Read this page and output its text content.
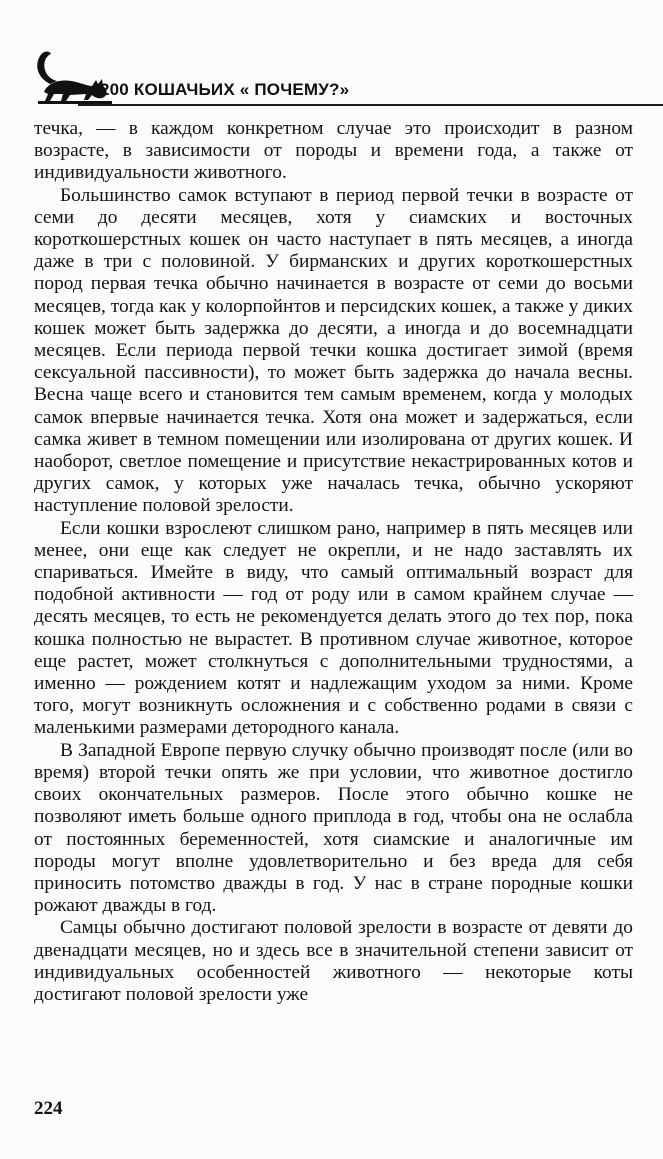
200 КОШАЧЬИХ « ПОЧЕМУ?»

течка, — в каждом конкретном случае это происходит в разном возрасте, в зависимости от породы и времени года, а также от индивидуальности животного.

Большинство самок вступают в период первой течки в возрасте от семи до десяти месяцев, хотя у сиамских и восточных короткошерстных кошек он часто наступает в пять месяцев, а иногда даже в три с половиной. У бирманских и других короткошерстных пород первая течка обычно начинается в возрасте от семи до восьми месяцев, тогда как у колорпойнтов и персидских кошек, а также у диких кошек может быть задержка до десяти, а иногда и до восемнадцати месяцев. Если периода первой течки кошка достигает зимой (время сексуальной пассивности), то может быть задержка до начала весны. Весна чаще всего и становится тем самым временем, когда у молодых самок впервые начинается течка. Хотя она может и задержаться, если самка живет в темном помещении или изолирована от других кошек. И наоборот, светлое помещение и присутствие некастрированных котов и других самок, у которых уже началась течка, обычно ускоряют наступление половой зрелости.

Если кошки взрослеют слишком рано, например в пять месяцев или менее, они еще как следует не окрепли, и не надо заставлять их спариваться. Имейте в виду, что самый оптимальный возраст для подобной активности — год от роду или в самом крайнем случае — десять месяцев, то есть не рекомендуется делать этого до тех пор, пока кошка полностью не вырастет. В противном случае животное, которое еще растет, может столкнуться с дополнительными трудностями, а именно — рождением котят и надлежащим уходом за ними. Кроме того, могут возникнуть осложнения и с собственно родами в связи с маленькими размерами детородного канала.

В Западной Европе первую случку обычно производят после (или во время) второй течки опять же при условии, что животное достигло своих окончательных размеров. После этого обычно кошке не позволяют иметь больше одного приплода в год, чтобы она не ослабла от постоянных беременностей, хотя сиамские и аналогичные им породы могут вполне удовлетворительно и без вреда для себя приносить потомство дважды в год. У нас в стране породные кошки рожают дважды в год.

Самцы обычно достигают половой зрелости в возрасте от девяти до двенадцати месяцев, но и здесь все в значительной степени зависит от индивидуальных особенностей животного — некоторые коты достигают половой зрелости уже

224
